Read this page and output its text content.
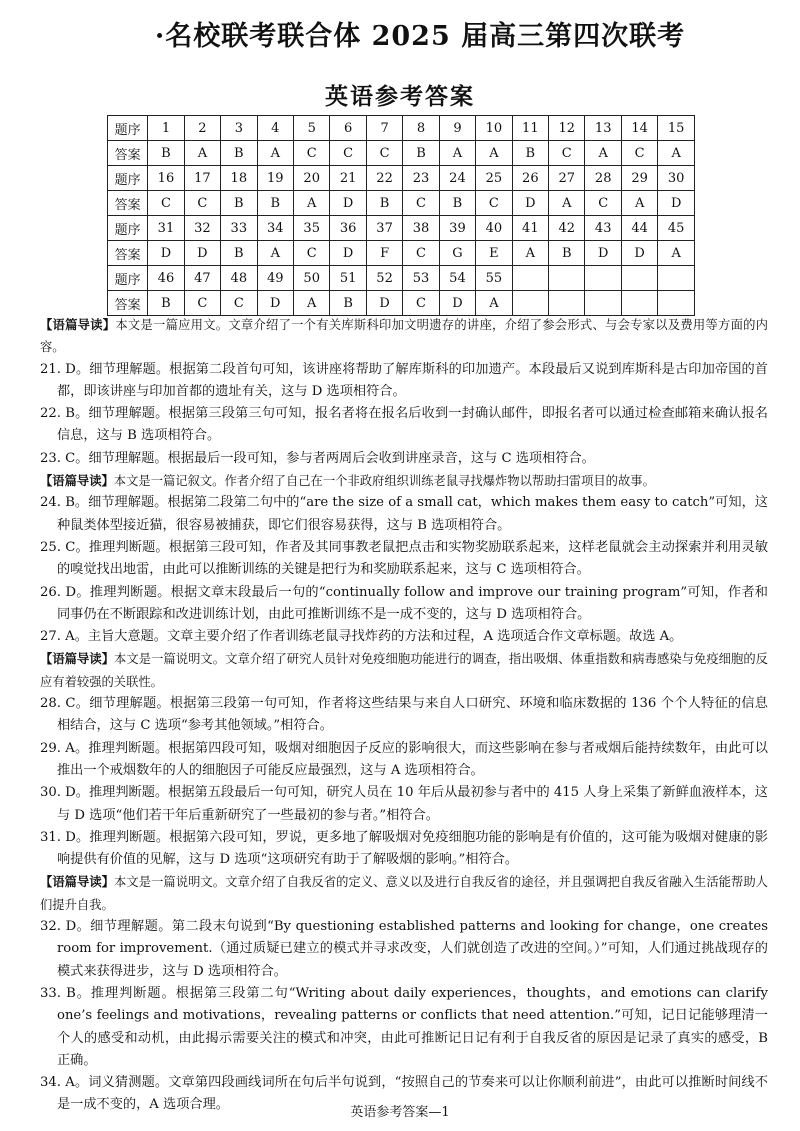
·名校联考联合体 2025 届高三第四次联考
英语参考答案
题序	1	2	3	4	5	6	7	8	9	10	11	12	13	14	15
答案	B	A	B	A	C	C	C	B	A	A	B	C	A	C	A
题序	16	17	18	19	20	21	22	23	24	25	26	27	28	29	30
答案	C	C	B	B	A	D	B	C	B	C	D	A	C	A	D
题序	31	32	33	34	35	36	37	38	39	40	41	42	43	44	45
答案	D	D	B	A	C	D	F	C	G	E	A	B	D	D	A
题序	46	47	48	49	50	51	52	53	54	55					
答案	B	C	C	D	A	B	D	C	D	A					

【语篇导读】本文是一篇应用文。文章介绍了一个有关库斯科印加文明遗存的讲座，介绍了参会形式、与会专家以及费用等方面的内容。

21. D。细节理解题。根据第二段首句可知，该讲座将帮助了解库斯科的印加遗产。本段最后又说到库斯科是古印加帝国的首都，即该讲座与印加首都的遗址有关，这与 D 选项相符合。

22. B。细节理解题。根据第三段第三句可知，报名者将在报名后收到一封确认邮件，即报名者可以通过检查邮箱来确认报名信息，这与 B 选项相符合。

23. C。细节理解题。根据最后一段可知，参与者两周后会收到讲座录音，这与 C 选项相符合。

【语篇导读】本文是一篇记叙文。作者介绍了自己在一个非政府组织训练老鼠寻找爆炸物以帮助扫雷项目的故事。

24. B。细节理解题。根据第二段第二句中的“are the size of a small cat，which makes them easy to catch”可知，这种鼠类体型接近猫，很容易被捕获，即它们很容易获得，这与 B 选项相符合。

25. C。推理判断题。根据第三段可知，作者及其同事教老鼠把点击和实物奖励联系起来，这样老鼠就会主动探索并利用灵敏的嗅觉找出地雷，由此可以推断训练的关键是把行为和奖励联系起来，这与 C 选项相符合。

26. D。推理判断题。根据文章末段最后一句的“continually follow and improve our training program”可知，作者和同事仍在不断跟踪和改进训练计划，由此可推断训练不是一成不变的，这与 D 选项相符合。

27. A。主旨大意题。文章主要介绍了作者训练老鼠寻找炸药的方法和过程，A 选项适合作文章标题。故选 A。

【语篇导读】本文是一篇说明文。文章介绍了研究人员针对免疫细胞功能进行的调查，指出吸烟、体重指数和病毒感染与免疫细胞的反应有着较强的关联性。

28. C。细节理解题。根据第三段第一句可知，作者将这些结果与来自人口研究、环境和临床数据的 136 个个人特征的信息相结合，这与 C 选项“参考其他领域。”相符合。

29. A。推理判断题。根据第四段可知，吸烟对细胞因子反应的影响很大，而这些影响在参与者戒烟后能持续数年，由此可以推出一个戒烟数年的人的细胞因子可能反应最强烈，这与 A 选项相符合。

30. D。推理判断题。根据第五段最后一句可知，研究人员在 10 年后从最初参与者中的 415 人身上采集了新鲜血液样本，这与 D 选项“他们若干年后重新研究了一些最初的参与者。”相符合。

31. D。推理判断题。根据第六段可知，罗说，更多地了解吸烟对免疫细胞功能的影响是有价值的，这可能为吸烟对健康的影响提供有价值的见解，这与 D 选项“这项研究有助于了解吸烟的影响。”相符合。

【语篇导读】本文是一篇说明文。文章介绍了自我反省的定义、意义以及进行自我反省的途径，并且强调把自我反省融入生活能帮助人们提升自我。

32. D。细节理解题。第二段末句说到“By questioning established patterns and looking for change，one creates room for improvement.（通过质疑已建立的模式并寻求改变，人们就创造了改进的空间。）”可知，人们通过挑战现存的模式来获得进步，这与 D 选项相符合。

33. B。推理判断题。根据第三段第二句“Writing about daily experiences，thoughts，and emotions can clarify one’s feelings and motivations，revealing patterns or conflicts that need attention.”可知，记日记能够理清一个人的感受和动机，由此揭示需要关注的模式和冲突，由此可推断记日记有利于自我反省的原因是记录了真实的感受，B 正确。

34. A。词义猜测题。文章第四段画线词所在句后半句说到，“按照自己的节奏来可以让你顺利前进”，由此可以推断时间线不是一成不变的，A 选项合理。

英语参考答案—1
